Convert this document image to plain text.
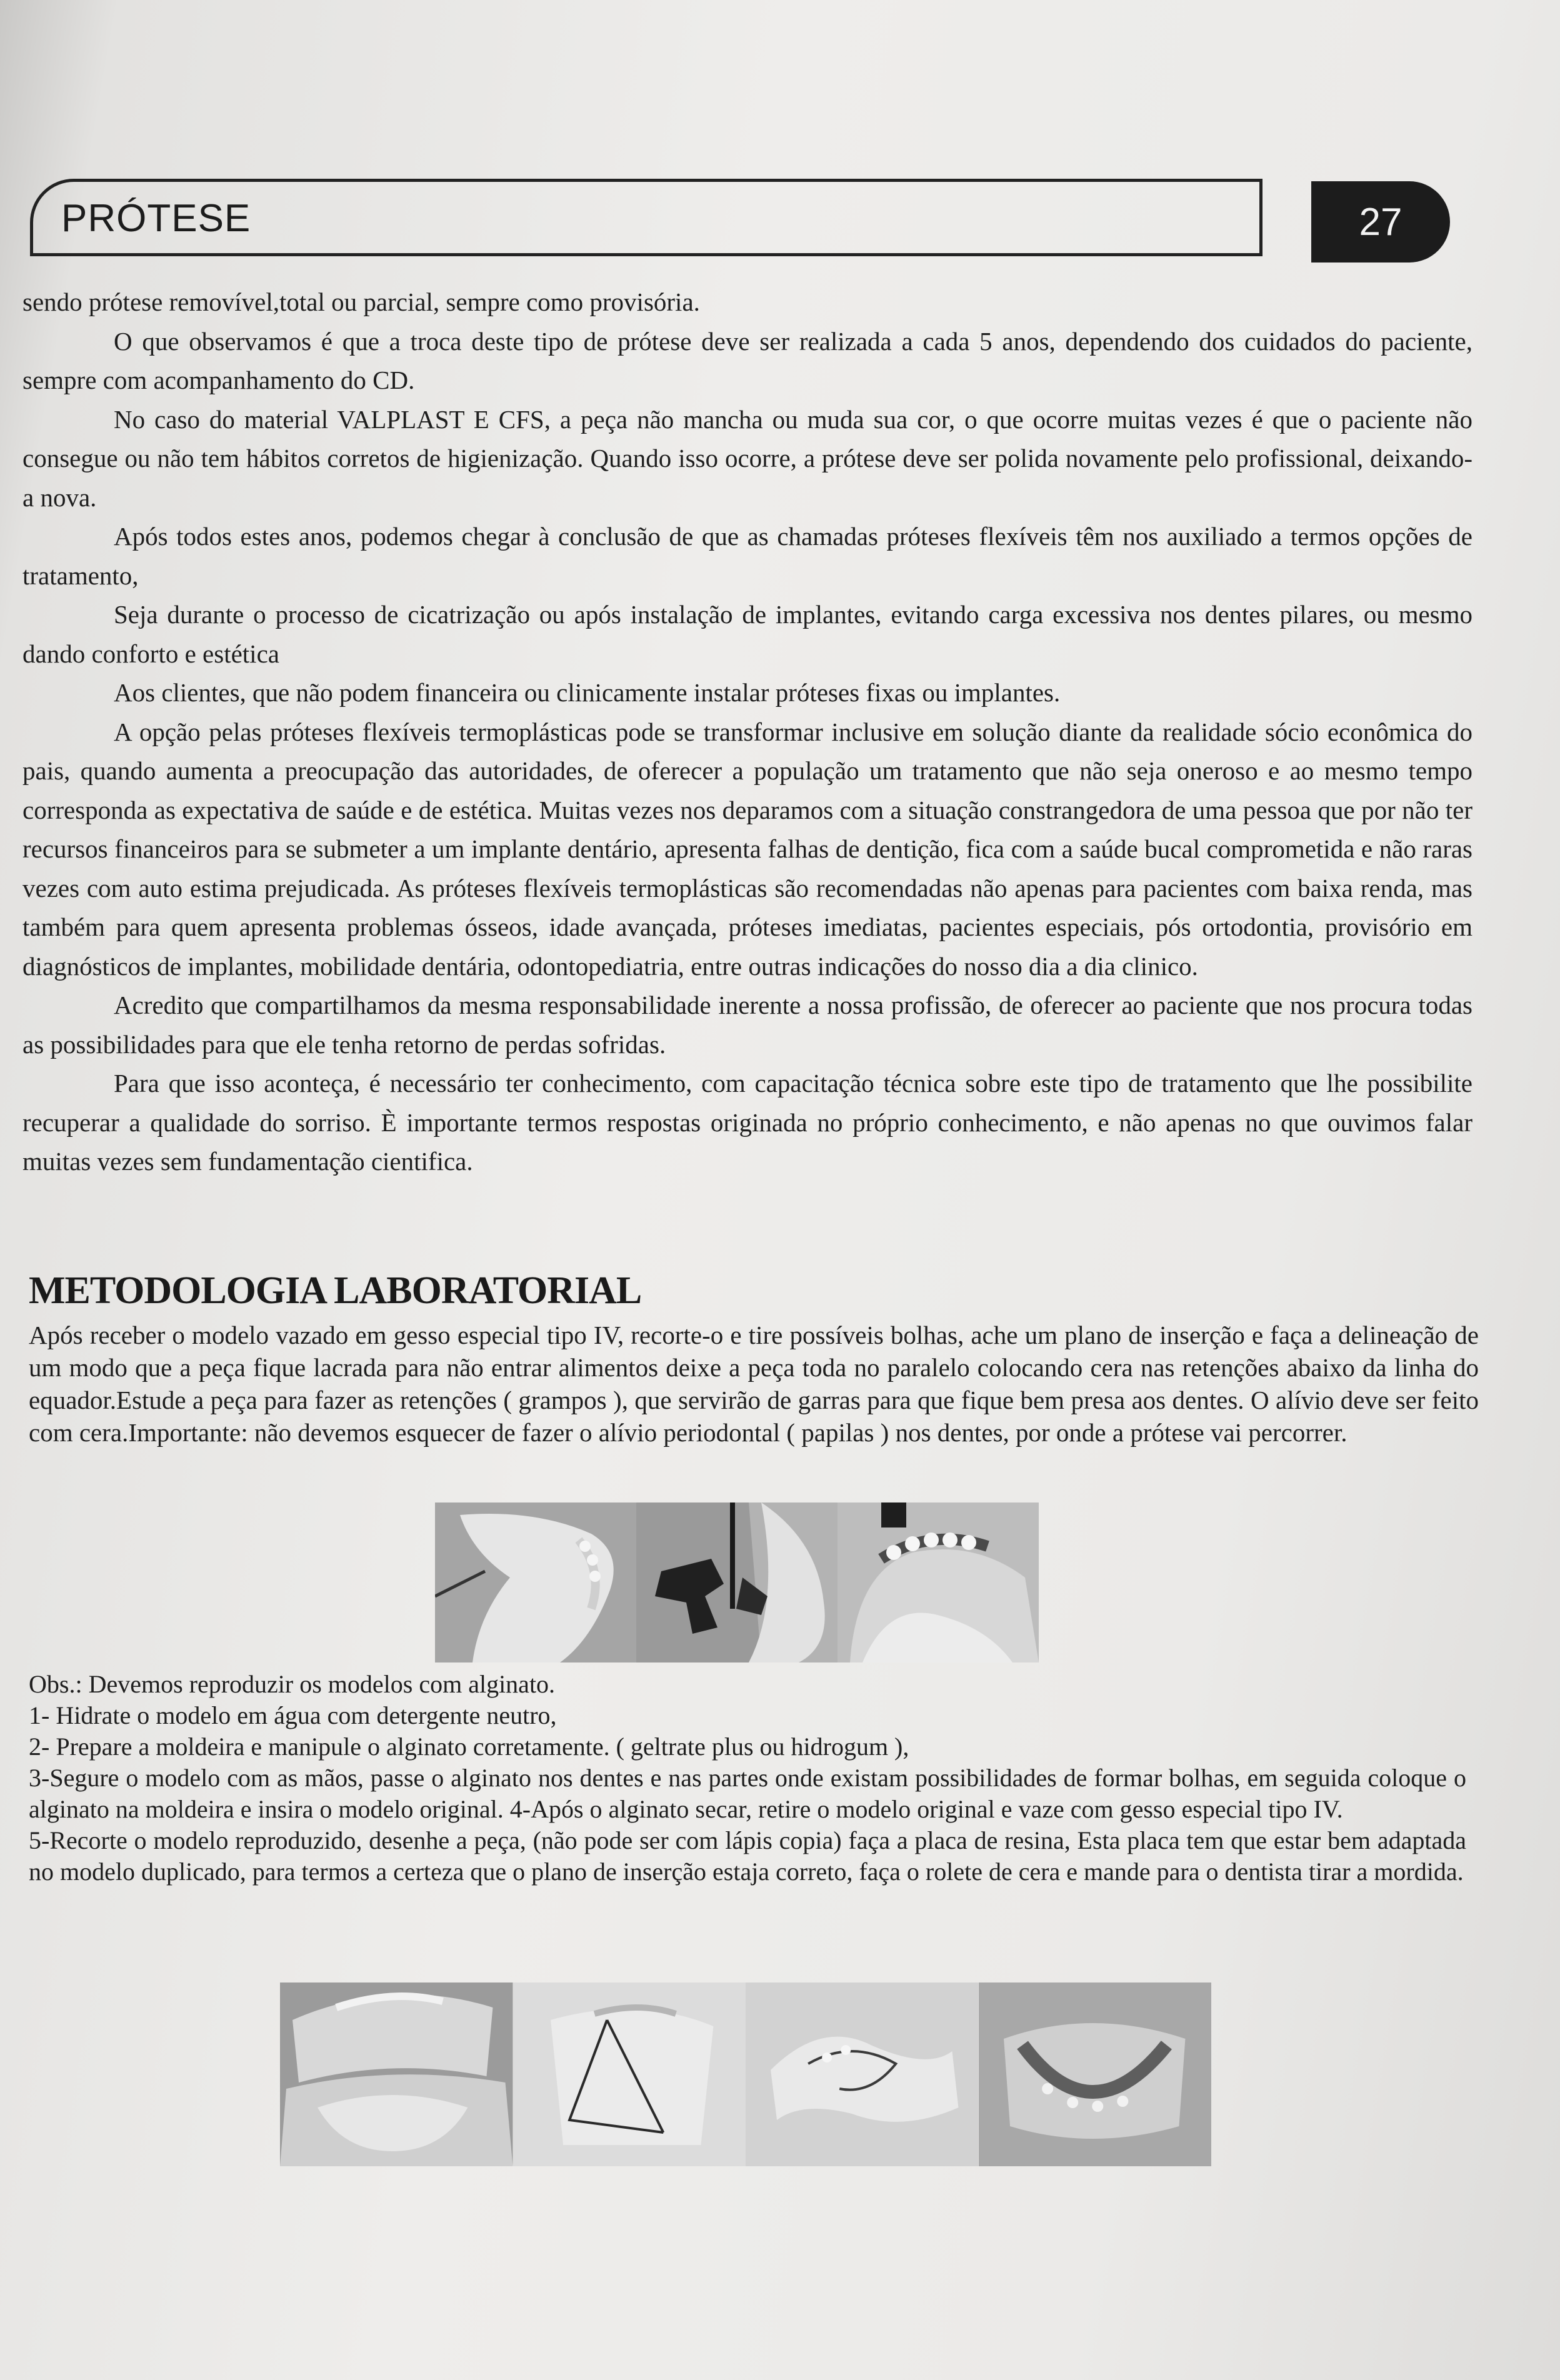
PRÓTESE	27

sendo prótese removível,total ou parcial, sempre como provisória.

O que observamos é que a troca deste tipo de prótese deve ser realizada a cada 5 anos, dependendo dos cuidados do paciente, sempre com acompanhamento do CD.

No caso do material VALPLAST E CFS, a peça não mancha ou muda sua cor, o que ocorre muitas vezes é que o paciente não consegue ou não tem hábitos corretos de higienização. Quando isso ocorre, a prótese deve ser polida novamente pelo profissional, deixando-a nova.

Após todos estes anos, podemos chegar à conclusão de que as chamadas próteses flexíveis têm nos auxiliado a termos opções de tratamento,

Seja durante o processo de cicatrização ou após instalação de implantes, evitando carga excessiva nos dentes pilares, ou mesmo dando conforto e estética

Aos clientes, que não podem financeira ou clinicamente instalar próteses fixas ou implantes.

A opção pelas próteses flexíveis termoplásticas pode se transformar inclusive em solução diante da realidade sócio econômica do pais, quando aumenta a preocupação das autoridades, de oferecer a população um tratamento que não seja oneroso e ao mesmo tempo corresponda as expectativa de saúde e de estética. Muitas vezes nos deparamos com a situação constrangedora de uma pessoa que por não ter recursos financeiros para se submeter a um implante dentário, apresenta falhas de dentição, fica com a saúde bucal comprometida e não raras vezes com auto estima prejudicada. As próteses flexíveis termoplásticas são recomendadas não apenas para pacientes com baixa renda, mas também para quem apresenta problemas ósseos, idade avançada, próteses imediatas, pacientes especiais, pós ortodontia, provisório em diagnósticos de implantes, mobilidade dentária, odontopediatria, entre outras indicações do nosso dia a dia clinico.

Acredito que compartilhamos da mesma responsabilidade inerente a nossa profissão, de oferecer ao paciente que nos procura todas as possibilidades para que ele tenha retorno de perdas sofridas.

Para que isso aconteça, é necessário ter conhecimento, com capacitação técnica sobre este tipo de tratamento que lhe possibilite recuperar a qualidade do sorriso. È importante termos respostas originada no próprio conhecimento, e não apenas no que ouvimos falar muitas vezes sem fundamentação cientifica.

METODOLOGIA LABORATORIAL
Após receber o modelo vazado em gesso especial tipo IV, recorte-o e tire possíveis bolhas, ache um plano de inserção e faça a delineação de um modo que a peça fique lacrada para não entrar alimentos deixe a peça toda no paralelo colocando cera nas retenções abaixo da linha do equador.Estude a peça para fazer as retenções ( grampos ), que servirão de garras para que fique bem presa aos dentes. O alívio deve ser feito com cera.Importante: não devemos esquecer de fazer o alívio periodontal ( papilas ) nos dentes, por onde a prótese vai percorrer.

Obs.: Devemos reproduzir os modelos com alginato.

1- Hidrate o modelo em água com detergente neutro,

2- Prepare a moldeira e manipule o alginato corretamente. ( geltrate plus ou hidrogum ),

3-Segure o modelo com as mãos, passe o alginato nos dentes e nas partes onde existam possibilidades de formar bolhas, em seguida coloque o alginato na moldeira e insira o modelo original. 4-Após o alginato secar, retire o modelo original e vaze com gesso especial tipo IV.

5-Recorte o modelo reproduzido, desenhe a peça, (não pode ser com lápis copia) faça a placa de resina, Esta placa tem que estar bem adaptada no modelo duplicado, para termos a certeza que o plano de inserção estaja correto, faça o rolete de cera e mande para o dentista tirar a mordida.
